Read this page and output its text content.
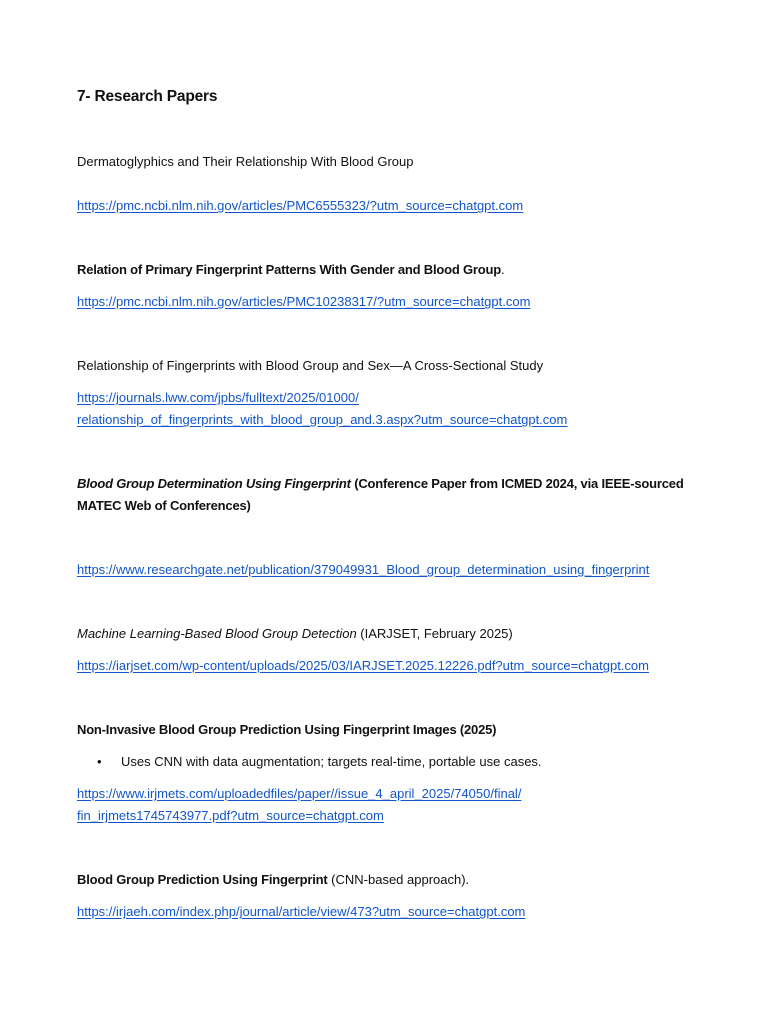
7- Research Papers
Dermatoglyphics and Their Relationship With Blood Group
https://pmc.ncbi.nlm.nih.gov/articles/PMC6555323/?utm_source=chatgpt.com
Relation of Primary Fingerprint Patterns With Gender and Blood Group.
https://pmc.ncbi.nlm.nih.gov/articles/PMC10238317/?utm_source=chatgpt.com
Relationship of Fingerprints with Blood Group and Sex—A Cross-Sectional Study
https://journals.lww.com/jpbs/fulltext/2025/01000/
relationship_of_fingerprints_with_blood_group_and.3.aspx?utm_source=chatgpt.com
Blood Group Determination Using Fingerprint (Conference Paper from ICMED 2024, via IEEE-sourced
MATEC Web of Conferences)
https://www.researchgate.net/publication/379049931_Blood_group_determination_using_fingerprint
Machine Learning-Based Blood Group Detection (IARJSET, February 2025)
https://iarjset.com/wp-content/uploads/2025/03/IARJSET.2025.12226.pdf?utm_source=chatgpt.com
Non-Invasive Blood Group Prediction Using Fingerprint Images (2025)
• Uses CNN with data augmentation; targets real-time, portable use cases.
https://www.irjmets.com/uploadedfiles/paper//issue_4_april_2025/74050/final/
fin_irjmets1745743977.pdf?utm_source=chatgpt.com
Blood Group Prediction Using Fingerprint (CNN-based approach).
https://irjaeh.com/index.php/journal/article/view/473?utm_source=chatgpt.com
